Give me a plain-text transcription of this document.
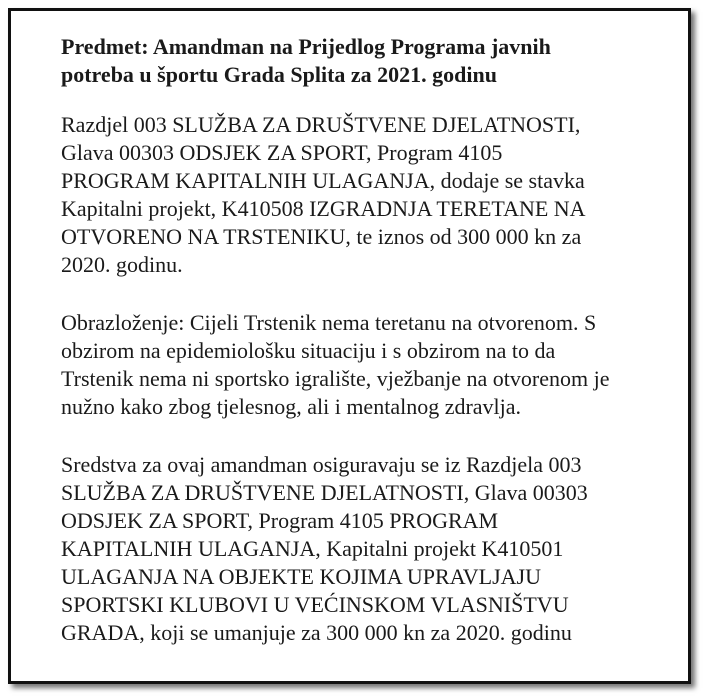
Predmet: Amandman na Prijedlog Programa javnih
potreba u športu Grada Splita za 2021. godinu
Razdjel 003 SLUŽBA ZA DRUŠTVENE DJELATNOSTI,
Glava 00303 ODSJEK ZA SPORT, Program 4105
PROGRAM KAPITALNIH ULAGANJA, dodaje se stavka
Kapitalni projekt, K410508 IZGRADNJA TERETANE NA
OTVORENO NA TRSTENIKU, te iznos od 300 000 kn za
2020. godinu.
Obrazloženje: Cijeli Trstenik nema teretanu na otvorenom. S
obzirom na epidemiološku situaciju i s obzirom na to da
Trstenik nema ni sportsko igralište, vježbanje na otvorenom je
nužno kako zbog tjelesnog, ali i mentalnog zdravlja.
Sredstva za ovaj amandman osiguravaju se iz Razdjela 003
SLUŽBA ZA DRUŠTVENE DJELATNOSTI, Glava 00303
ODSJEK ZA SPORT, Program 4105 PROGRAM
KAPITALNIH ULAGANJA, Kapitalni projekt K410501
ULAGANJA NA OBJEKTE KOJIMA UPRAVLJAJU
SPORTSKI KLUBOVI U VEĆINSKOM VLASNIŠTVU
GRADA, koji se umanjuje za 300 000 kn za 2020. godinu
